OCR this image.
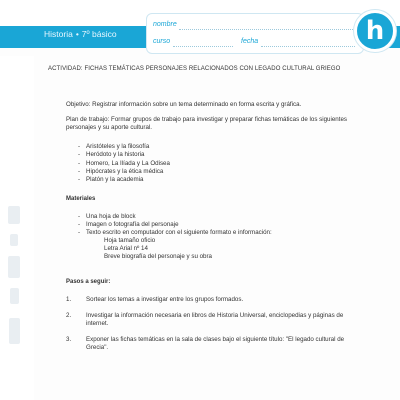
Historia • 7º básico
nombre
curso	fecha	h
ACTIVIDAD: FICHAS TEMÁTICAS PERSONAJES RELACIONADOS CON LEGADO CULTURAL GRIEGO
Objetivo: Registrar información sobre un tema determinado en forma escrita y gráfica.
Plan de trabajo: Formar grupos de trabajo para investigar y preparar fichas temáticas de los siguientes personajes y su aporte cultural.
- Aristóteles y la filosofía
- Heródoto y la historia
- Homero, La Ilíada y La Odisea
- Hipócrates y la ética médica
- Platón y la academia
Materiales
- Una hoja de block
- Imagen o fotografía del personaje
- Texto escrito en computador con el siguiente formato e información:
Hoja tamaño oficio
Letra Arial nº 14
Breve biografía del personaje y su obra
Pasos a seguir:
1. Sortear los temas a investigar entre los grupos formados.
2. Investigar la información necesaria en libros de Historia Universal, enciclopedias y páginas de internet.
3. Exponer las fichas temáticas en la sala de clases bajo el siguiente título: "El legado cultural de Grecia".
